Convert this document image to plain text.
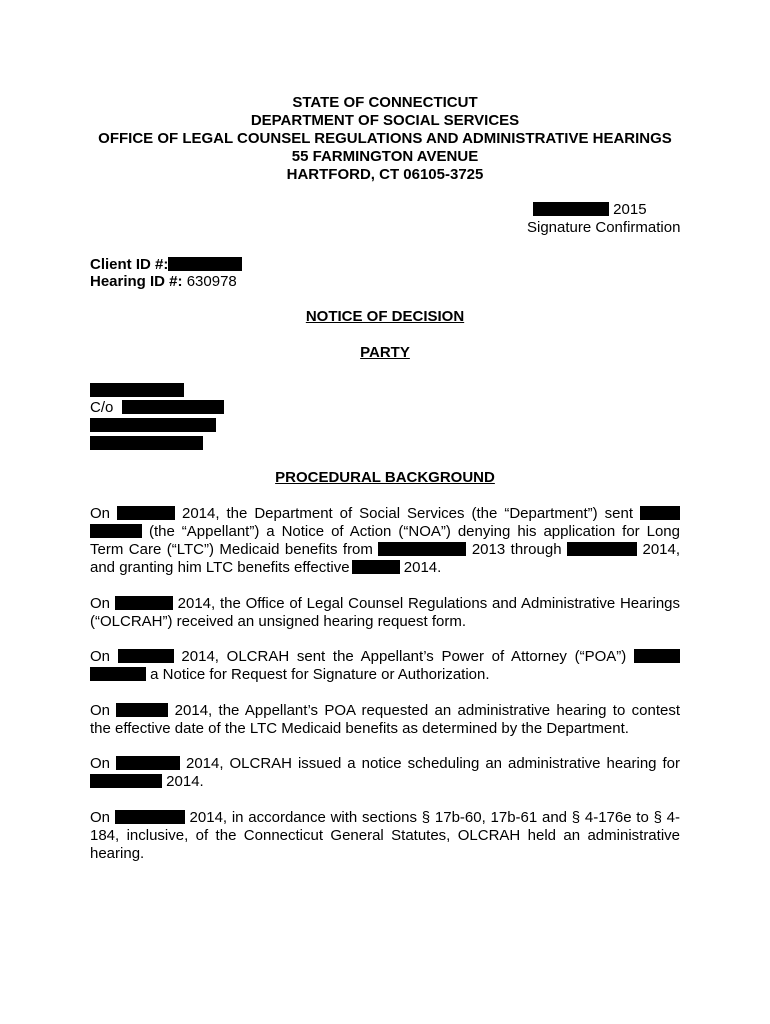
STATE OF CONNECTICUT
DEPARTMENT OF SOCIAL SERVICES
OFFICE OF LEGAL COUNSEL REGULATIONS AND ADMINISTRATIVE HEARINGS
55 FARMINGTON AVENUE
HARTFORD, CT 06105-3725
2015
Signature Confirmation
Client ID #:
Hearing ID #: 630978
NOTICE OF DECISION
PARTY
C/o
PROCEDURAL BACKGROUND
On	2014, the Department of Social Services (the “Department”) sent
(the “Appellant”) a Notice of Action (“NOA”) denying his application for Long
Term Care (“LTC”) Medicaid benefits from	2013 through	2014,
and granting him LTC benefits effective	2014.
On	2014, the Office of Legal Counsel Regulations and Administrative Hearings
(“OLCRAH”) received an unsigned hearing request form.
On	2014, OLCRAH sent the Appellant’s Power of Attorney (“POA”)
a Notice for Request for Signature or Authorization.
On	2014, the Appellant’s POA requested an administrative hearing to contest
the effective date of the LTC Medicaid benefits as determined by the Department.
On	2014, OLCRAH issued a notice scheduling an administrative hearing for
2014.
On	2014, in accordance with sections § 17b-60, 17b-61 and § 4-176e to § 4-
184, inclusive, of the Connecticut General Statutes, OLCRAH held an administrative
hearing.
